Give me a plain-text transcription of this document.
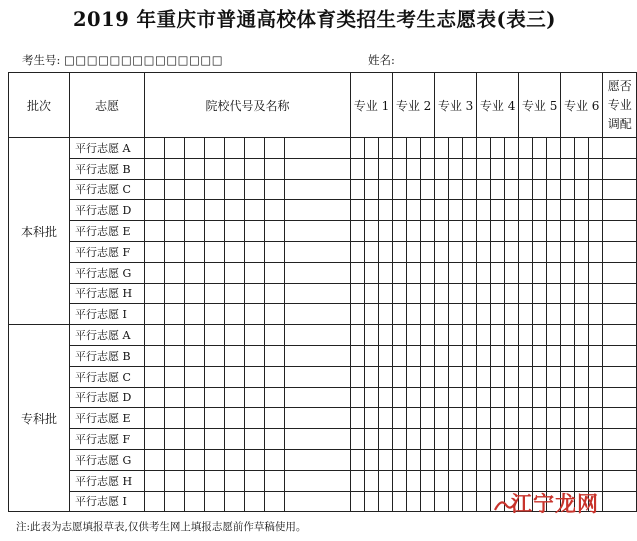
2019 年重庆市普通高校体育类招生考生志愿表(表三)
考生号: □□□□□□□□□□□□□□	姓名:
批次	志愿	院校代号及名称								专业 1			专业 2			专业 3			专业 4			专业 5			专业 6			愿否专业调配
本科批	平行志愿 A																											
	平行志愿 B																											
	平行志愿 C																											
	平行志愿 D																											
	平行志愿 E																											
	平行志愿 F																											
	平行志愿 G																											
	平行志愿 H																											
	平行志愿 I																											
专科批	平行志愿 A																											
	平行志愿 B																											
	平行志愿 C																											
	平行志愿 D																											
	平行志愿 E																											
	平行志愿 F																											
	平行志愿 G																											
	平行志愿 H																											
	平行志愿 I																											
注:此表为志愿填报草表,仅供考生网上填报志愿前作草稿使用。
江宁龙网
